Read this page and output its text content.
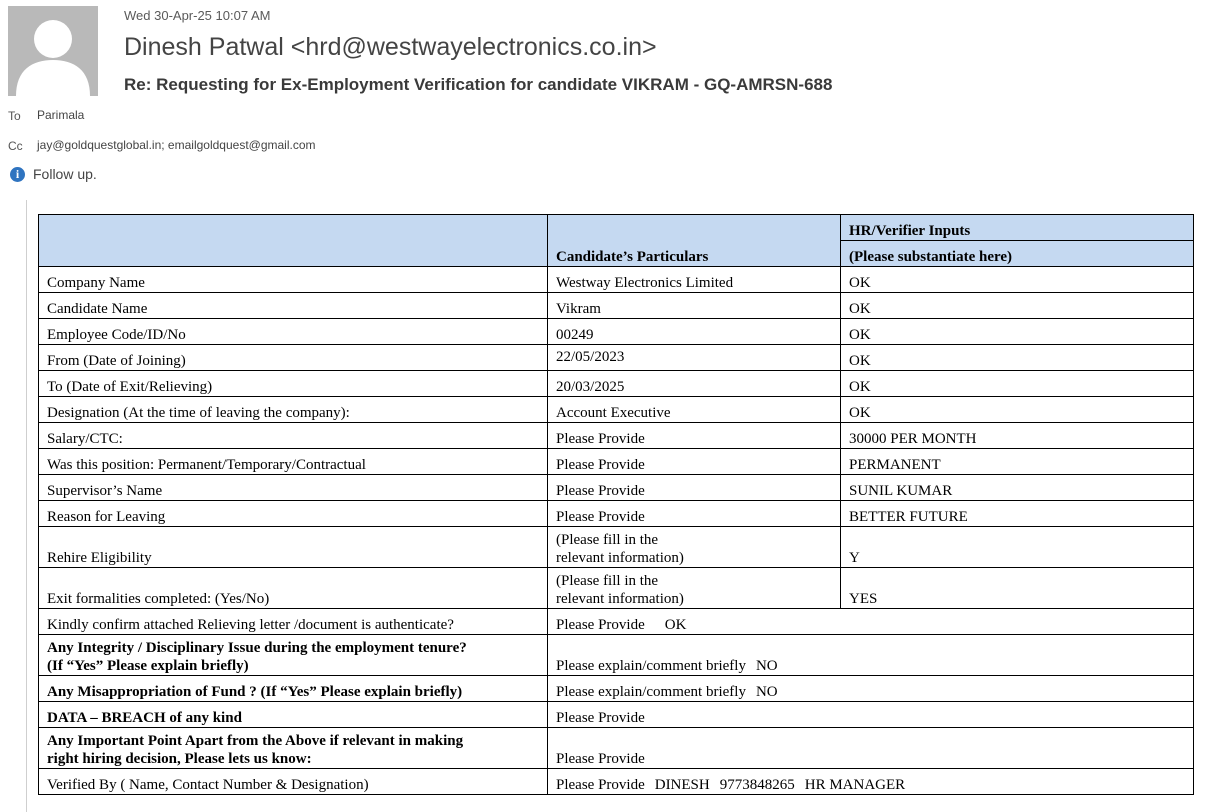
Wed 30-Apr-25 10:07 AM
Dinesh Patwal <hrd@westwayelectronics.co.in>
Re: Requesting for Ex-Employment Verification for candidate VIKRAM - GQ-AMRSN-688
To Parimala
Cc jay@goldquestglobal.in; emailgoldquest@gmail.com
i Follow up.
	Candidate’s Particulars	HR/Verifier Inputs
		(Please substantiate here)
Company Name	Westway Electronics Limited	OK
Candidate Name	Vikram	OK
Employee Code/ID/No	00249	OK
From (Date of Joining)	22/05/2023	OK
To (Date of Exit/Relieving)	20/03/2025	OK
Designation (At the time of leaving the company):	Account Executive	OK
Salary/CTC:	Please Provide	30000 PER MONTH
Was this position: Permanent/Temporary/Contractual	Please Provide	PERMANENT
Supervisor’s Name	Please Provide	SUNIL KUMAR
Reason for Leaving	Please Provide	BETTER FUTURE
Rehire Eligibility	(Please fill in the
relevant information)	Y
Exit formalities completed: (Yes/No)	(Please fill in the
relevant information)	YES
Kindly confirm attached Relieving letter /document is authenticate?	Please Provide OK	
Any Integrity / Disciplinary Issue during the employment tenure?
(If “Yes” Please explain briefly)	Please explain/comment briefly NO	
Any Misappropriation of Fund ? (If “Yes” Please explain briefly)	Please explain/comment briefly NO	
DATA – BREACH of any kind	Please Provide	
Any Important Point Apart from the Above if relevant in making
right hiring decision, Please lets us know:	Please Provide	
Verified By ( Name, Contact Number & Designation)	Please Provide DINESH 9773848265 HR MANAGER	
